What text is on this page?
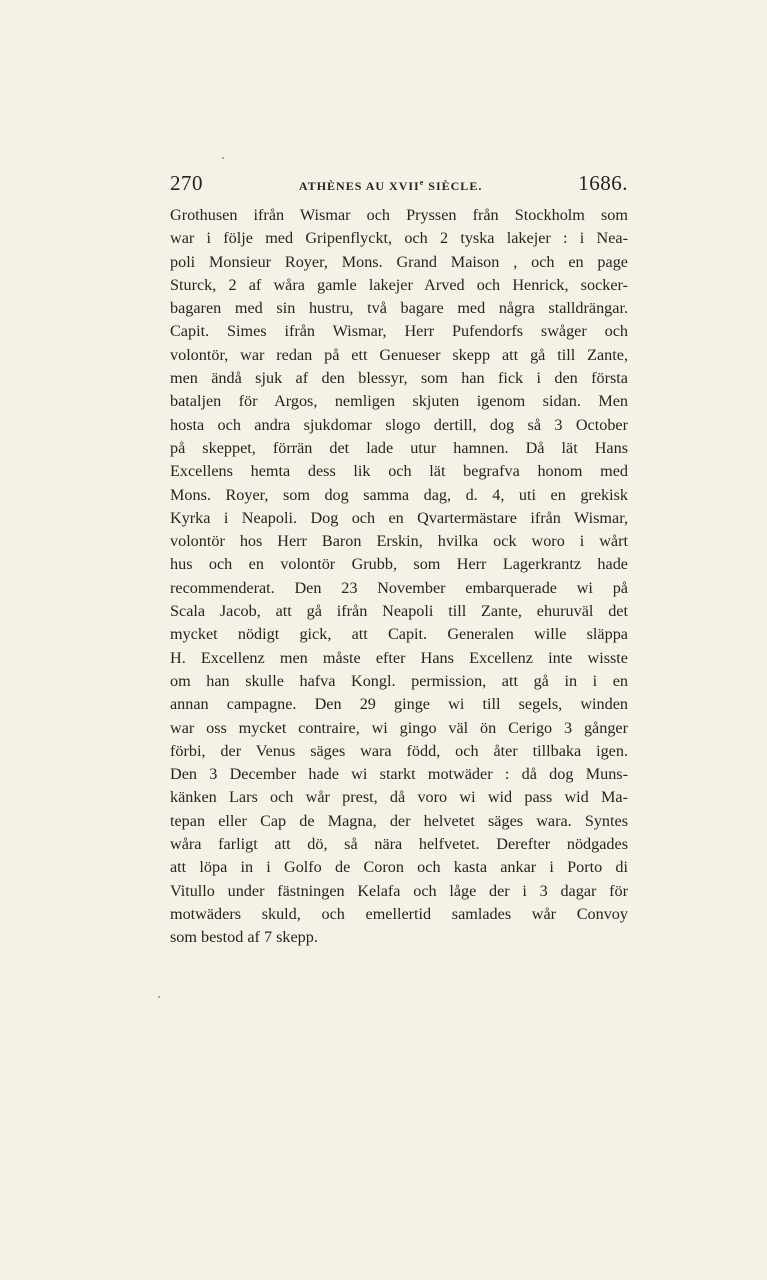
270	ATHÈNES AU XVIIe SIÈCLE.	1686.
Grothusen ifrån Wismar och Pryssen från Stockholm som
war i följe med Gripenflyckt, och 2 tyska lakejer : i Nea-
poli Monsieur Royer, Mons. Grand Maison , och en page
Sturck, 2 af wåra gamle lakejer Arved och Henrick, socker-
bagaren med sin hustru, två bagare med några stalldrängar.
Capit. Simes ifrån Wismar, Herr Pufendorfs swåger och
volontör, war redan på ett Genueser skepp att gå till Zante,
men ändå sjuk af den blessyr, som han fick i den första
bataljen för Argos, nemligen skjuten igenom sidan. Men
hosta och andra sjukdomar slogo dertill, dog så 3 October
på skeppet, förrän det lade utur hamnen. Då lät Hans
Excellens hemta dess lik och lät begrafva honom med
Mons. Royer, som dog samma dag, d. 4, uti en grekisk
Kyrka i Neapoli. Dog och en Qvartermästare ifrån Wismar,
volontör hos Herr Baron Erskin, hvilka ock woro i wårt
hus och en volontör Grubb, som Herr Lagerkrantz hade
recommenderat. Den 23 November embarquerade wi på
Scala Jacob, att gå ifrån Neapoli till Zante, ehuruväl det
mycket nödigt gick, att Capit. Generalen wille släppa
H. Excellenz men måste efter Hans Excellenz inte wisste
om han skulle hafva Kongl. permission, att gå in i en
annan campagne. Den 29 ginge wi till segels, winden
war oss mycket contraire, wi gingo väl ön Cerigo 3 gånger
förbi, der Venus säges wara född, och åter tillbaka igen.
Den 3 December hade wi starkt motwäder : då dog Muns-
känken Lars och wår prest, då voro wi wid pass wid Ma-
tepan eller Cap de Magna, der helvetet säges wara. Syntes
wåra farligt att dö, så nära helfvetet. Derefter nödgades
att löpa in i Golfo de Coron och kasta ankar i Porto di
Vitullo under fästningen Kelafa och låge der i 3 dagar för
motwäders skuld, och emellertid samlades wår Convoy
som bestod af 7 skepp.
